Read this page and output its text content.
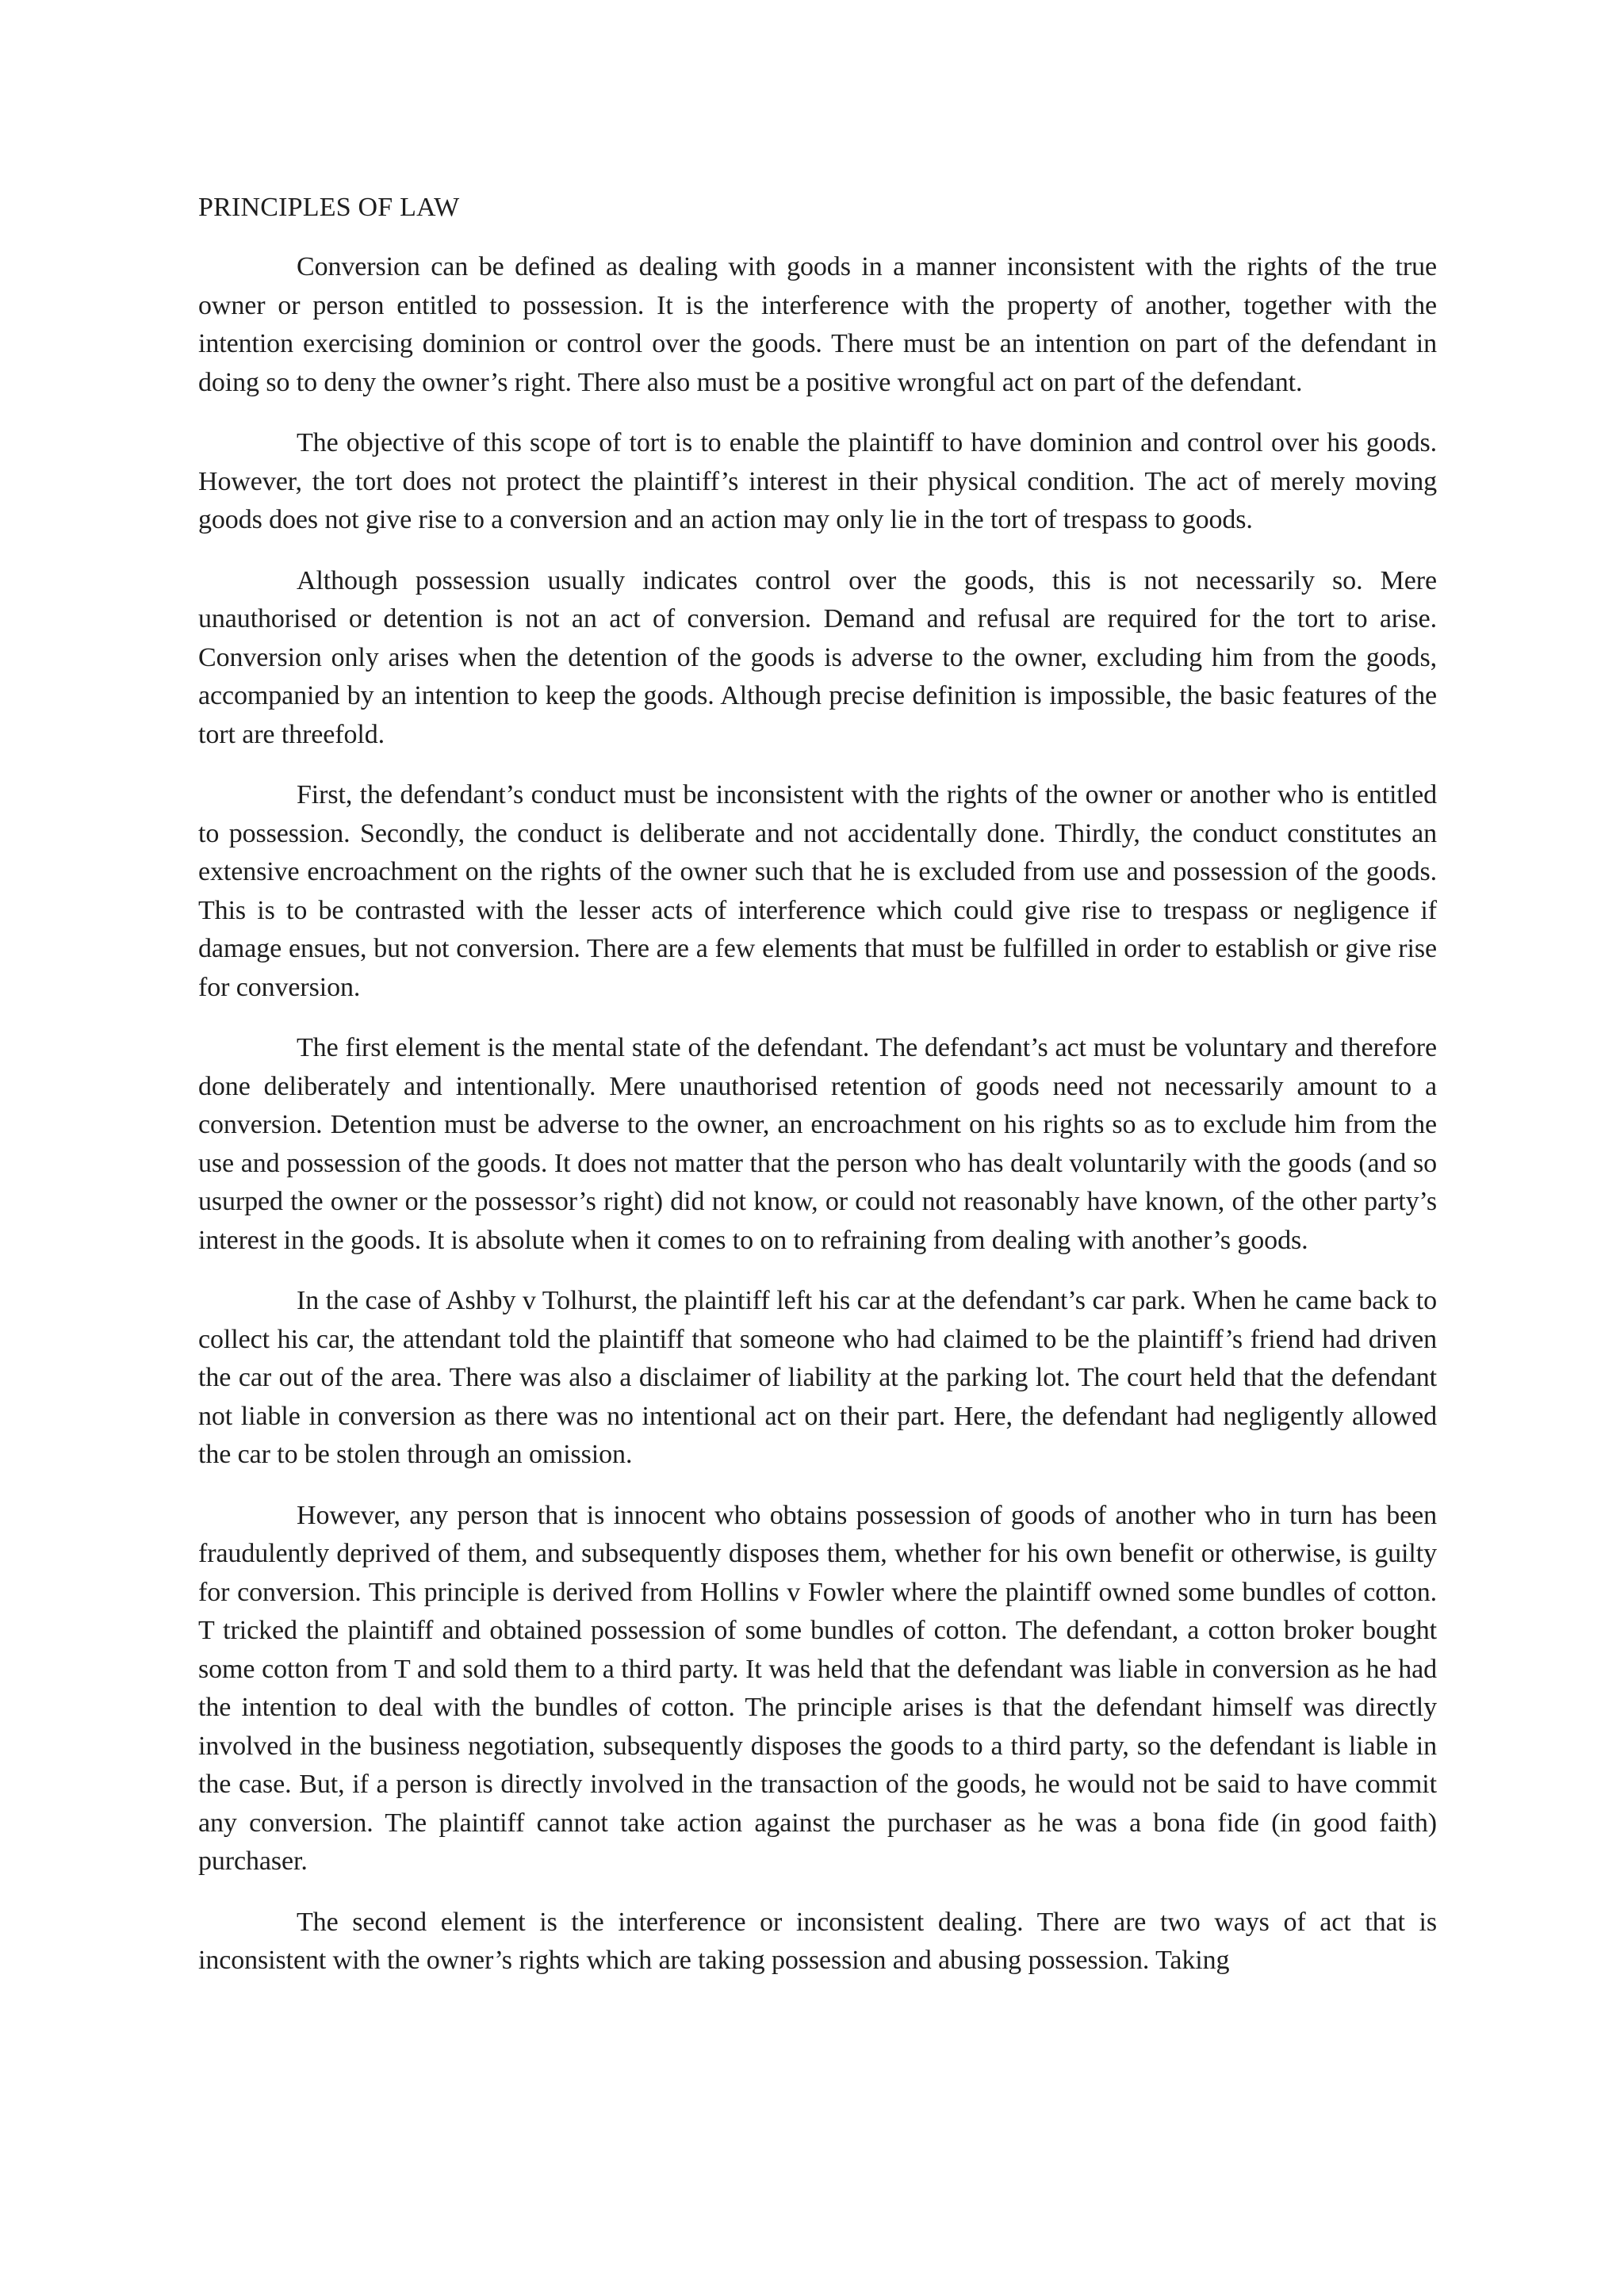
PRINCIPLES OF LAW

Conversion can be defined as dealing with goods in a manner inconsistent with the rights of the true owner or person entitled to possession. It is the interference with the property of another, together with the intention exercising dominion or control over the goods. There must be an intention on part of the defendant in doing so to deny the owner’s right. There also must be a positive wrongful act on part of the defendant.

The objective of this scope of tort is to enable the plaintiff to have dominion and control over his goods. However, the tort does not protect the plaintiff’s interest in their physical condition. The act of merely moving goods does not give rise to a conversion and an action may only lie in the tort of trespass to goods.

Although possession usually indicates control over the goods, this is not necessarily so. Mere unauthorised or detention is not an act of conversion. Demand and refusal are required for the tort to arise. Conversion only arises when the detention of the goods is adverse to the owner, excluding him from the goods, accompanied by an intention to keep the goods. Although precise definition is impossible, the basic features of the tort are threefold.

First, the defendant’s conduct must be inconsistent with the rights of the owner or another who is entitled to possession. Secondly, the conduct is deliberate and not accidentally done. Thirdly, the conduct constitutes an extensive encroachment on the rights of the owner such that he is excluded from use and possession of the goods. This is to be contrasted with the lesser acts of interference which could give rise to trespass or negligence if damage ensues, but not conversion. There are a few elements that must be fulfilled in order to establish or give rise for conversion.

The first element is the mental state of the defendant. The defendant’s act must be voluntary and therefore done deliberately and intentionally. Mere unauthorised retention of goods need not necessarily amount to a conversion. Detention must be adverse to the owner, an encroachment on his rights so as to exclude him from the use and possession of the goods. It does not matter that the person who has dealt voluntarily with the goods (and so usurped the owner or the possessor’s right) did not know, or could not reasonably have known, of the other party’s interest in the goods. It is absolute when it comes to on to refraining from dealing with another’s goods.

In the case of Ashby v Tolhurst, the plaintiff left his car at the defendant’s car park. When he came back to collect his car, the attendant told the plaintiff that someone who had claimed to be the plaintiff’s friend had driven the car out of the area. There was also a disclaimer of liability at the parking lot. The court held that the defendant not liable in conversion as there was no intentional act on their part. Here, the defendant had negligently allowed the car to be stolen through an omission.

However, any person that is innocent who obtains possession of goods of another who in turn has been fraudulently deprived of them, and subsequently disposes them, whether for his own benefit or otherwise, is guilty for conversion. This principle is derived from Hollins v Fowler where the plaintiff owned some bundles of cotton. T tricked the plaintiff and obtained possession of some bundles of cotton. The defendant, a cotton broker bought some cotton from T and sold them to a third party. It was held that the defendant was liable in conversion as he had the intention to deal with the bundles of cotton. The principle arises is that the defendant himself was directly involved in the business negotiation, subsequently disposes the goods to a third party, so the defendant is liable in the case. But, if a person is directly involved in the transaction of the goods, he would not be said to have commit any conversion. The plaintiff cannot take action against the purchaser as he was a bona fide (in good faith) purchaser.

The second element is the interference or inconsistent dealing. There are two ways of act that is inconsistent with the owner’s rights which are taking possession and abusing possession. Taking
